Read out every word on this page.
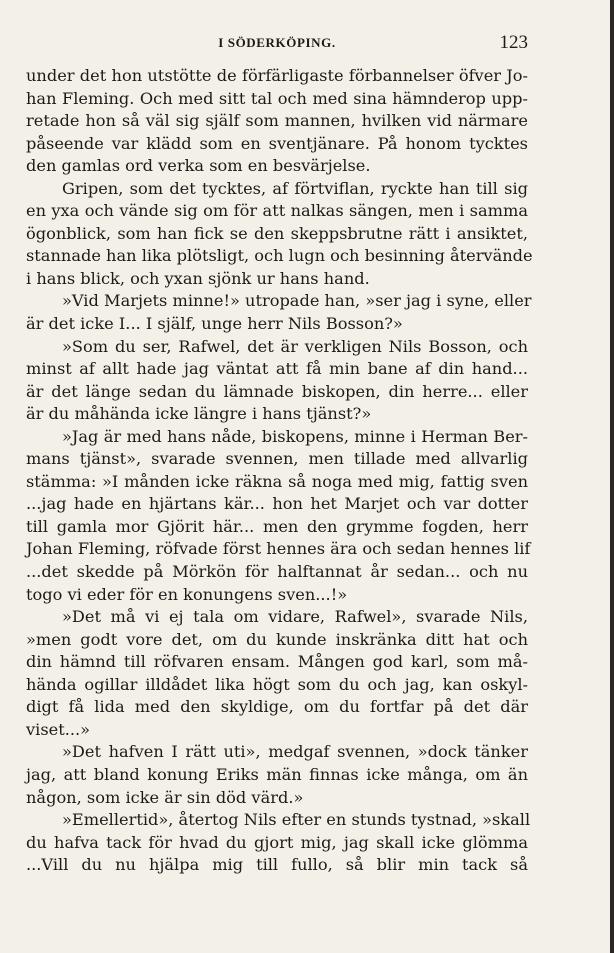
I SÖDERKÖPING.	123
under det hon utstötte de förfärligaste förbannelser öfver Jo-
han Fleming. Och med sitt tal och med sina hämnderop upp-
retade hon så väl sig själf som mannen, hvilken vid närmare
påseende var klädd som en sventjänare. På honom tycktes
den gamlas ord verka som en besvärjelse.
Gripen, som det tycktes, af förtviflan, ryckte han till sig
en yxa och vände sig om för att nalkas sängen, men i samma
ögonblick, som han fick se den skeppsbrutne rätt i ansiktet,
stannade han lika plötsligt, och lugn och besinning återvände
i hans blick, och yxan sjönk ur hans hand.
»Vid Marjets minne!» utropade han, »ser jag i syne, eller
är det icke I... I själf, unge herr Nils Bosson?»
»Som du ser, Rafwel, det är verkligen Nils Bosson, och
minst af allt hade jag väntat att få min bane af din hand...
är det länge sedan du lämnade biskopen, din herre... eller
är du måhända icke längre i hans tjänst?»
»Jag är med hans nåde, biskopens, minne i Herman Ber-
mans tjänst», svarade svennen, men tillade med allvarlig
stämma: »I månden icke räkna så noga med mig, fattig sven
...jag hade en hjärtans kär... hon het Marjet och var dotter
till gamla mor Gjörit här... men den grymme fogden, herr
Johan Fleming, röfvade först hennes ära och sedan hennes lif
...det skedde på Mörkön för halftannat år sedan... och nu
togo vi eder för en konungens sven...!»
»Det må vi ej tala om vidare, Rafwel», svarade Nils,
»men godt vore det, om du kunde inskränka ditt hat och
din hämnd till röfvaren ensam. Mången god karl, som må-
hända ogillar illdådet lika högt som du och jag, kan oskyl-
digt få lida med den skyldige, om du fortfar på det där
viset...»
»Det hafven I rätt uti», medgaf svennen, »dock tänker
jag, att bland konung Eriks män finnas icke många, om än
någon, som icke är sin död värd.»
»Emellertid», återtog Nils efter en stunds tystnad, »skall
du hafva tack för hvad du gjort mig, jag skall icke glömma
...Vill du nu hjälpa mig till fullo, så blir min tack så
